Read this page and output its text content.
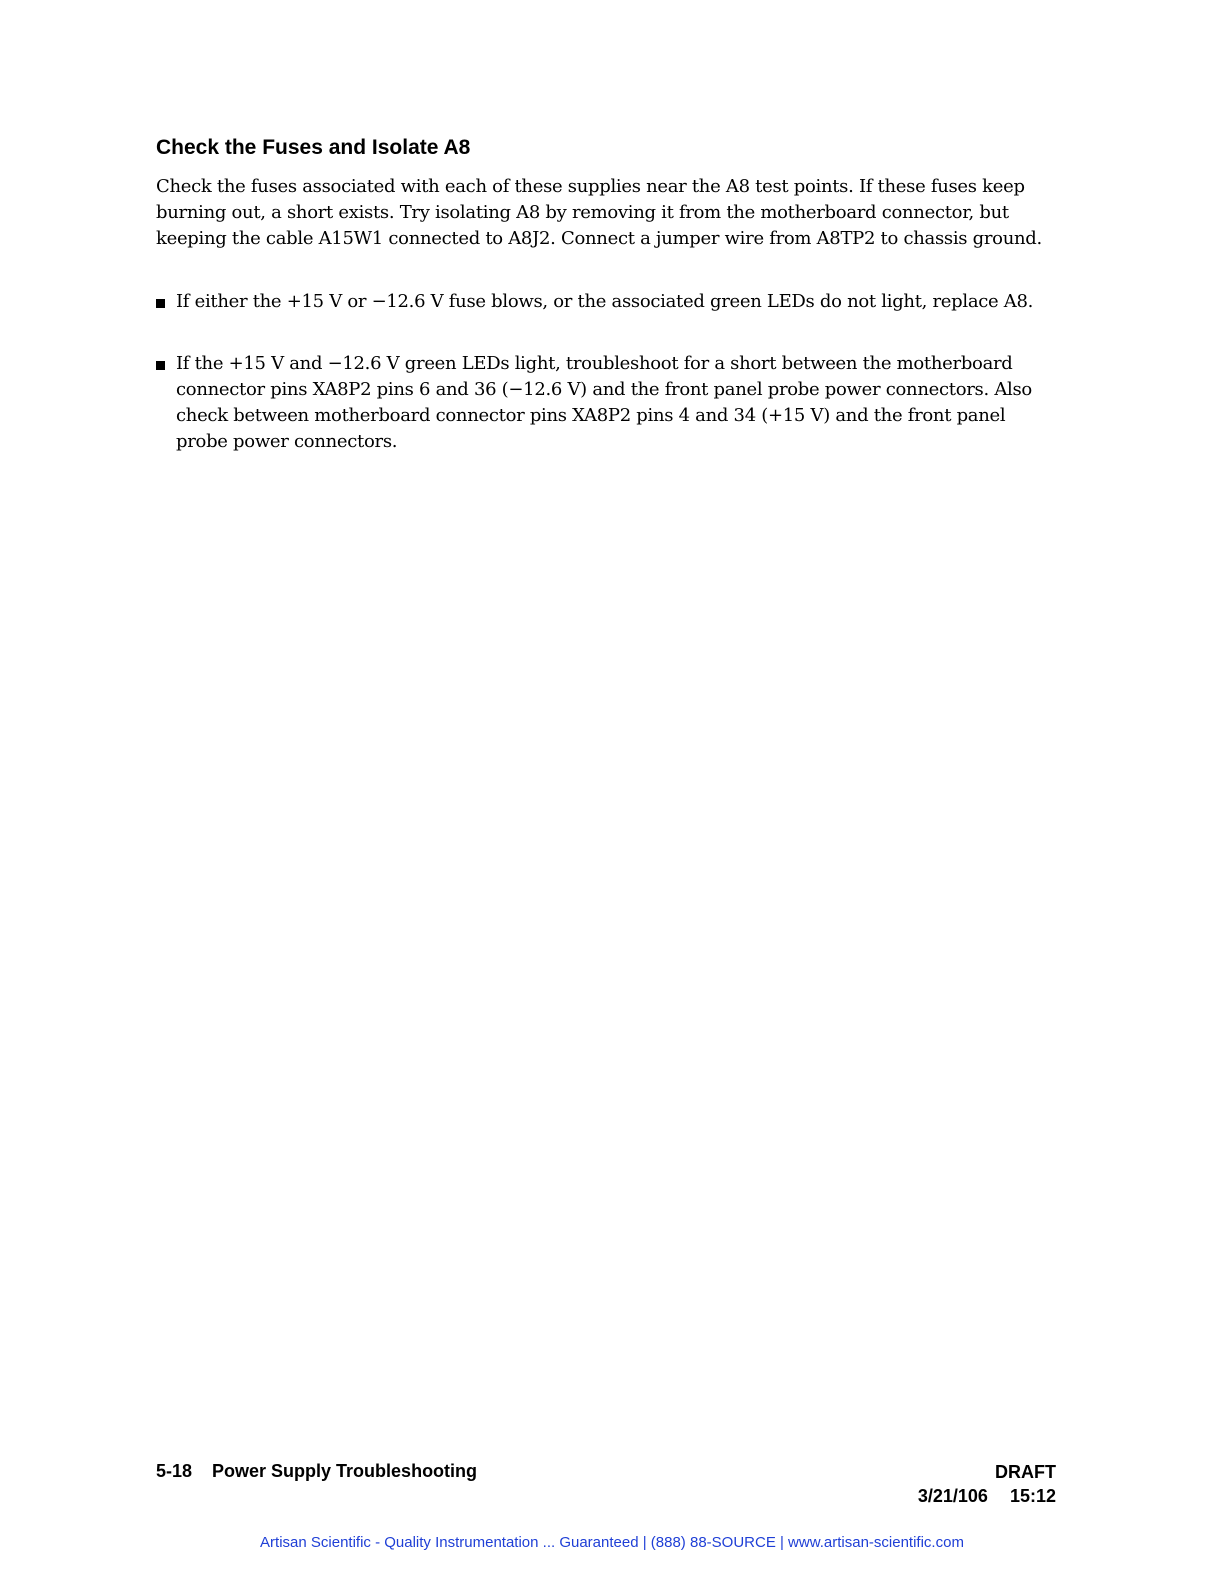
Check the Fuses and Isolate A8

Check the fuses associated with each of these supplies near the A8 test points. If these fuses keep burning out, a short exists. Try isolating A8 by removing it from the motherboard connector, but keeping the cable A15W1 connected to A8J2. Connect a jumper wire from A8TP2 to chassis ground.

If either the +15 V or −12.6 V fuse blows, or the associated green LEDs do not light, replace A8.
If the +15 V and −12.6 V green LEDs light, troubleshoot for a short between the motherboard connector pins XA8P2 pins 6 and 36 (−12.6 V) and the front panel probe power connectors. Also check between motherboard connector pins XA8P2 pins 4 and 34 (+15 V) and the front panel probe power connectors.
5-18 Power Supply Troubleshooting	DRAFT
3/21/106 15:12
Artisan Scientific - Quality Instrumentation ... Guaranteed | (888) 88-SOURCE | www.artisan-scientific.com
